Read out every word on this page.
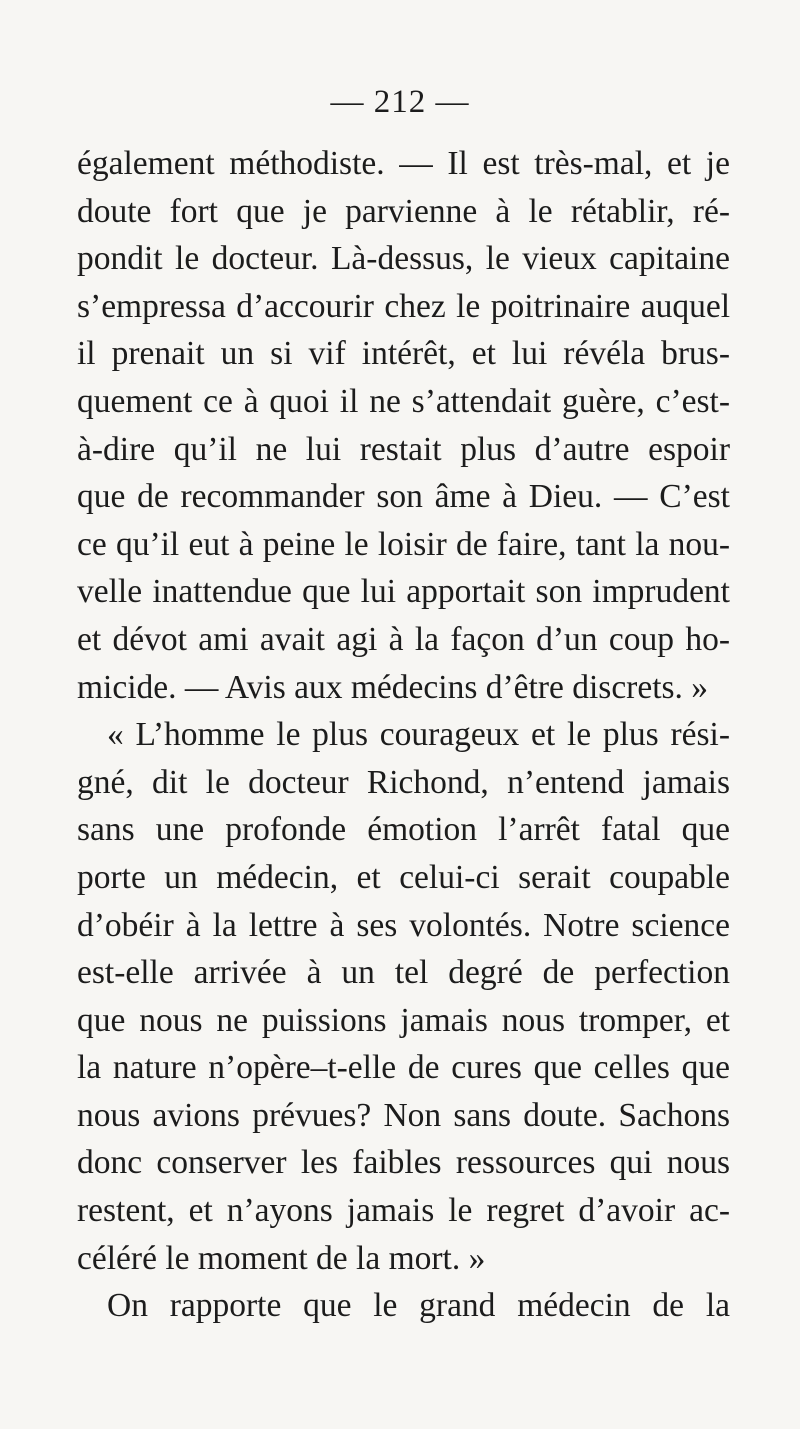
— 212 —
également méthodiste. — Il est très-mal, et je
doute fort que je parvienne à le rétablir, ré-
pondit le docteur. Là-dessus, le vieux capitaine
s’empressa d’accourir chez le poitrinaire auquel
il prenait un si vif intérêt, et lui révéla brus-
quement ce à quoi il ne s’attendait guère, c’est-
à-dire qu’il ne lui restait plus d’autre espoir
que de recommander son âme à Dieu. — C’est
ce qu’il eut à peine le loisir de faire, tant la nou-
velle inattendue que lui apportait son imprudent
et dévot ami avait agi à la façon d’un coup ho-
micide. — Avis aux médecins d’être discrets. »
« L’homme le plus courageux et le plus rési-
gné, dit le docteur Richond, n’entend jamais
sans une profonde émotion l’arrêt fatal que
porte un médecin, et celui-ci serait coupable
d’obéir à la lettre à ses volontés. Notre science
est-elle arrivée à un tel degré de perfection
que nous ne puissions jamais nous tromper, et
la nature n’opère–t-elle de cures que celles que
nous avions prévues? Non sans doute. Sachons
donc conserver les faibles ressources qui nous
restent, et n’ayons jamais le regret d’avoir ac-
céléré le moment de la mort. »
On rapporte que le grand médecin de la
